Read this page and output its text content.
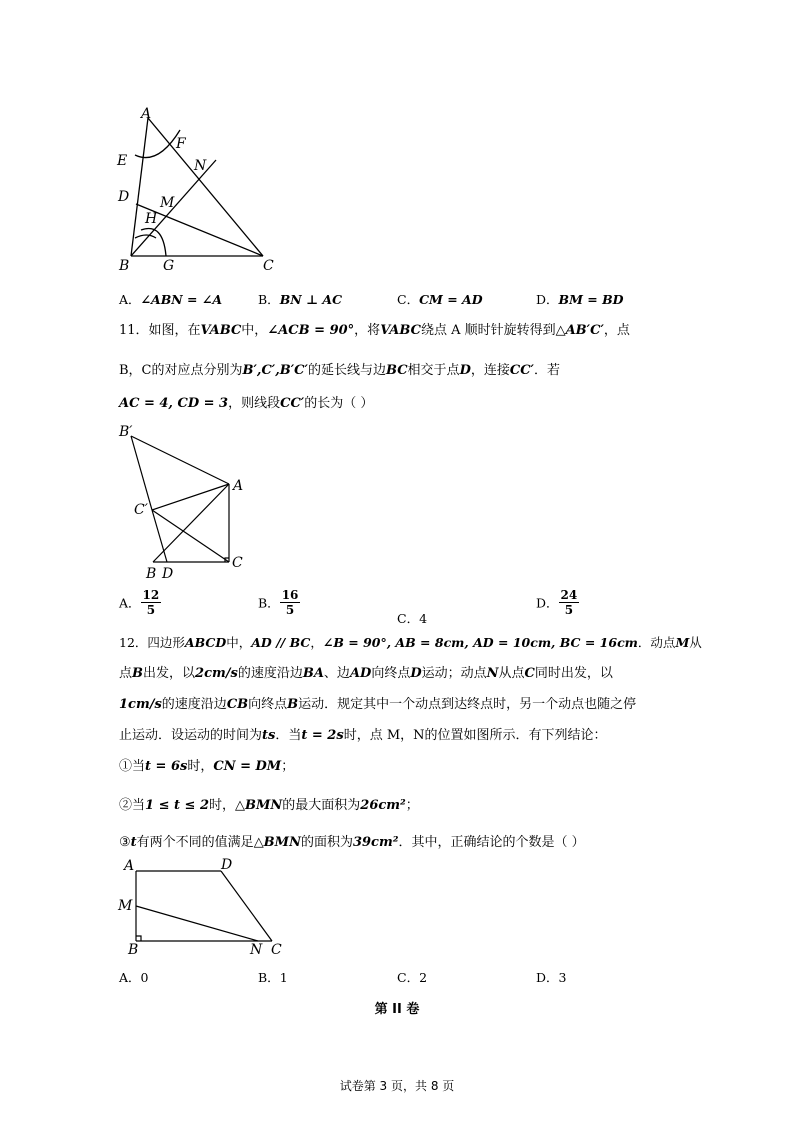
A
E
F
N
D M
H
B G	C
A．∠ABN = ∠A	B．BN ⊥ AC	C．CM = AD	D．BM = BD
11．如图，在VABC中，∠ACB = 90°，将VABC绕点 A 顺时针旋转得到△AB′C′，点
B，C的对应点分别为B′,C′,B′C′的延长线与边BC相交于点D，连接CC′．若
AC = 4, CD = 3，则线段CC′的长为（ ）
B′
A
C′
C
B D
A． $\frac{12}{5}$	B． $\frac{16}{5}$
C．4
D． $\frac{24}{5}$
12．四边形ABCD中，AD // BC，∠B = 90°, AB = 8cm, AD = 10cm, BC = 16cm．动点M从
点B出发，以2cm/s的速度沿边BA、边AD向终点D运动；动点N从点C同时出发，以
1cm/s的速度沿边CB向终点B运动．规定其中一个动点到达终点时，另一个动点也随之停
止运动．设运动的时间为ts．当t = 2s时，点 M，N的位置如图所示．有下列结论：
①当t = 6s时，CN = DM；
②当1 ≤ t ≤ 2时，△BMN的最大面积为26cm²；
③t有两个不同的值满足△BMN的面积为39cm²．其中，正确结论的个数是（ ）
A	D
M
B	N C
A．0	B．1	C．2	D．3
第 II 卷
试卷第 3 页，共 8 页
